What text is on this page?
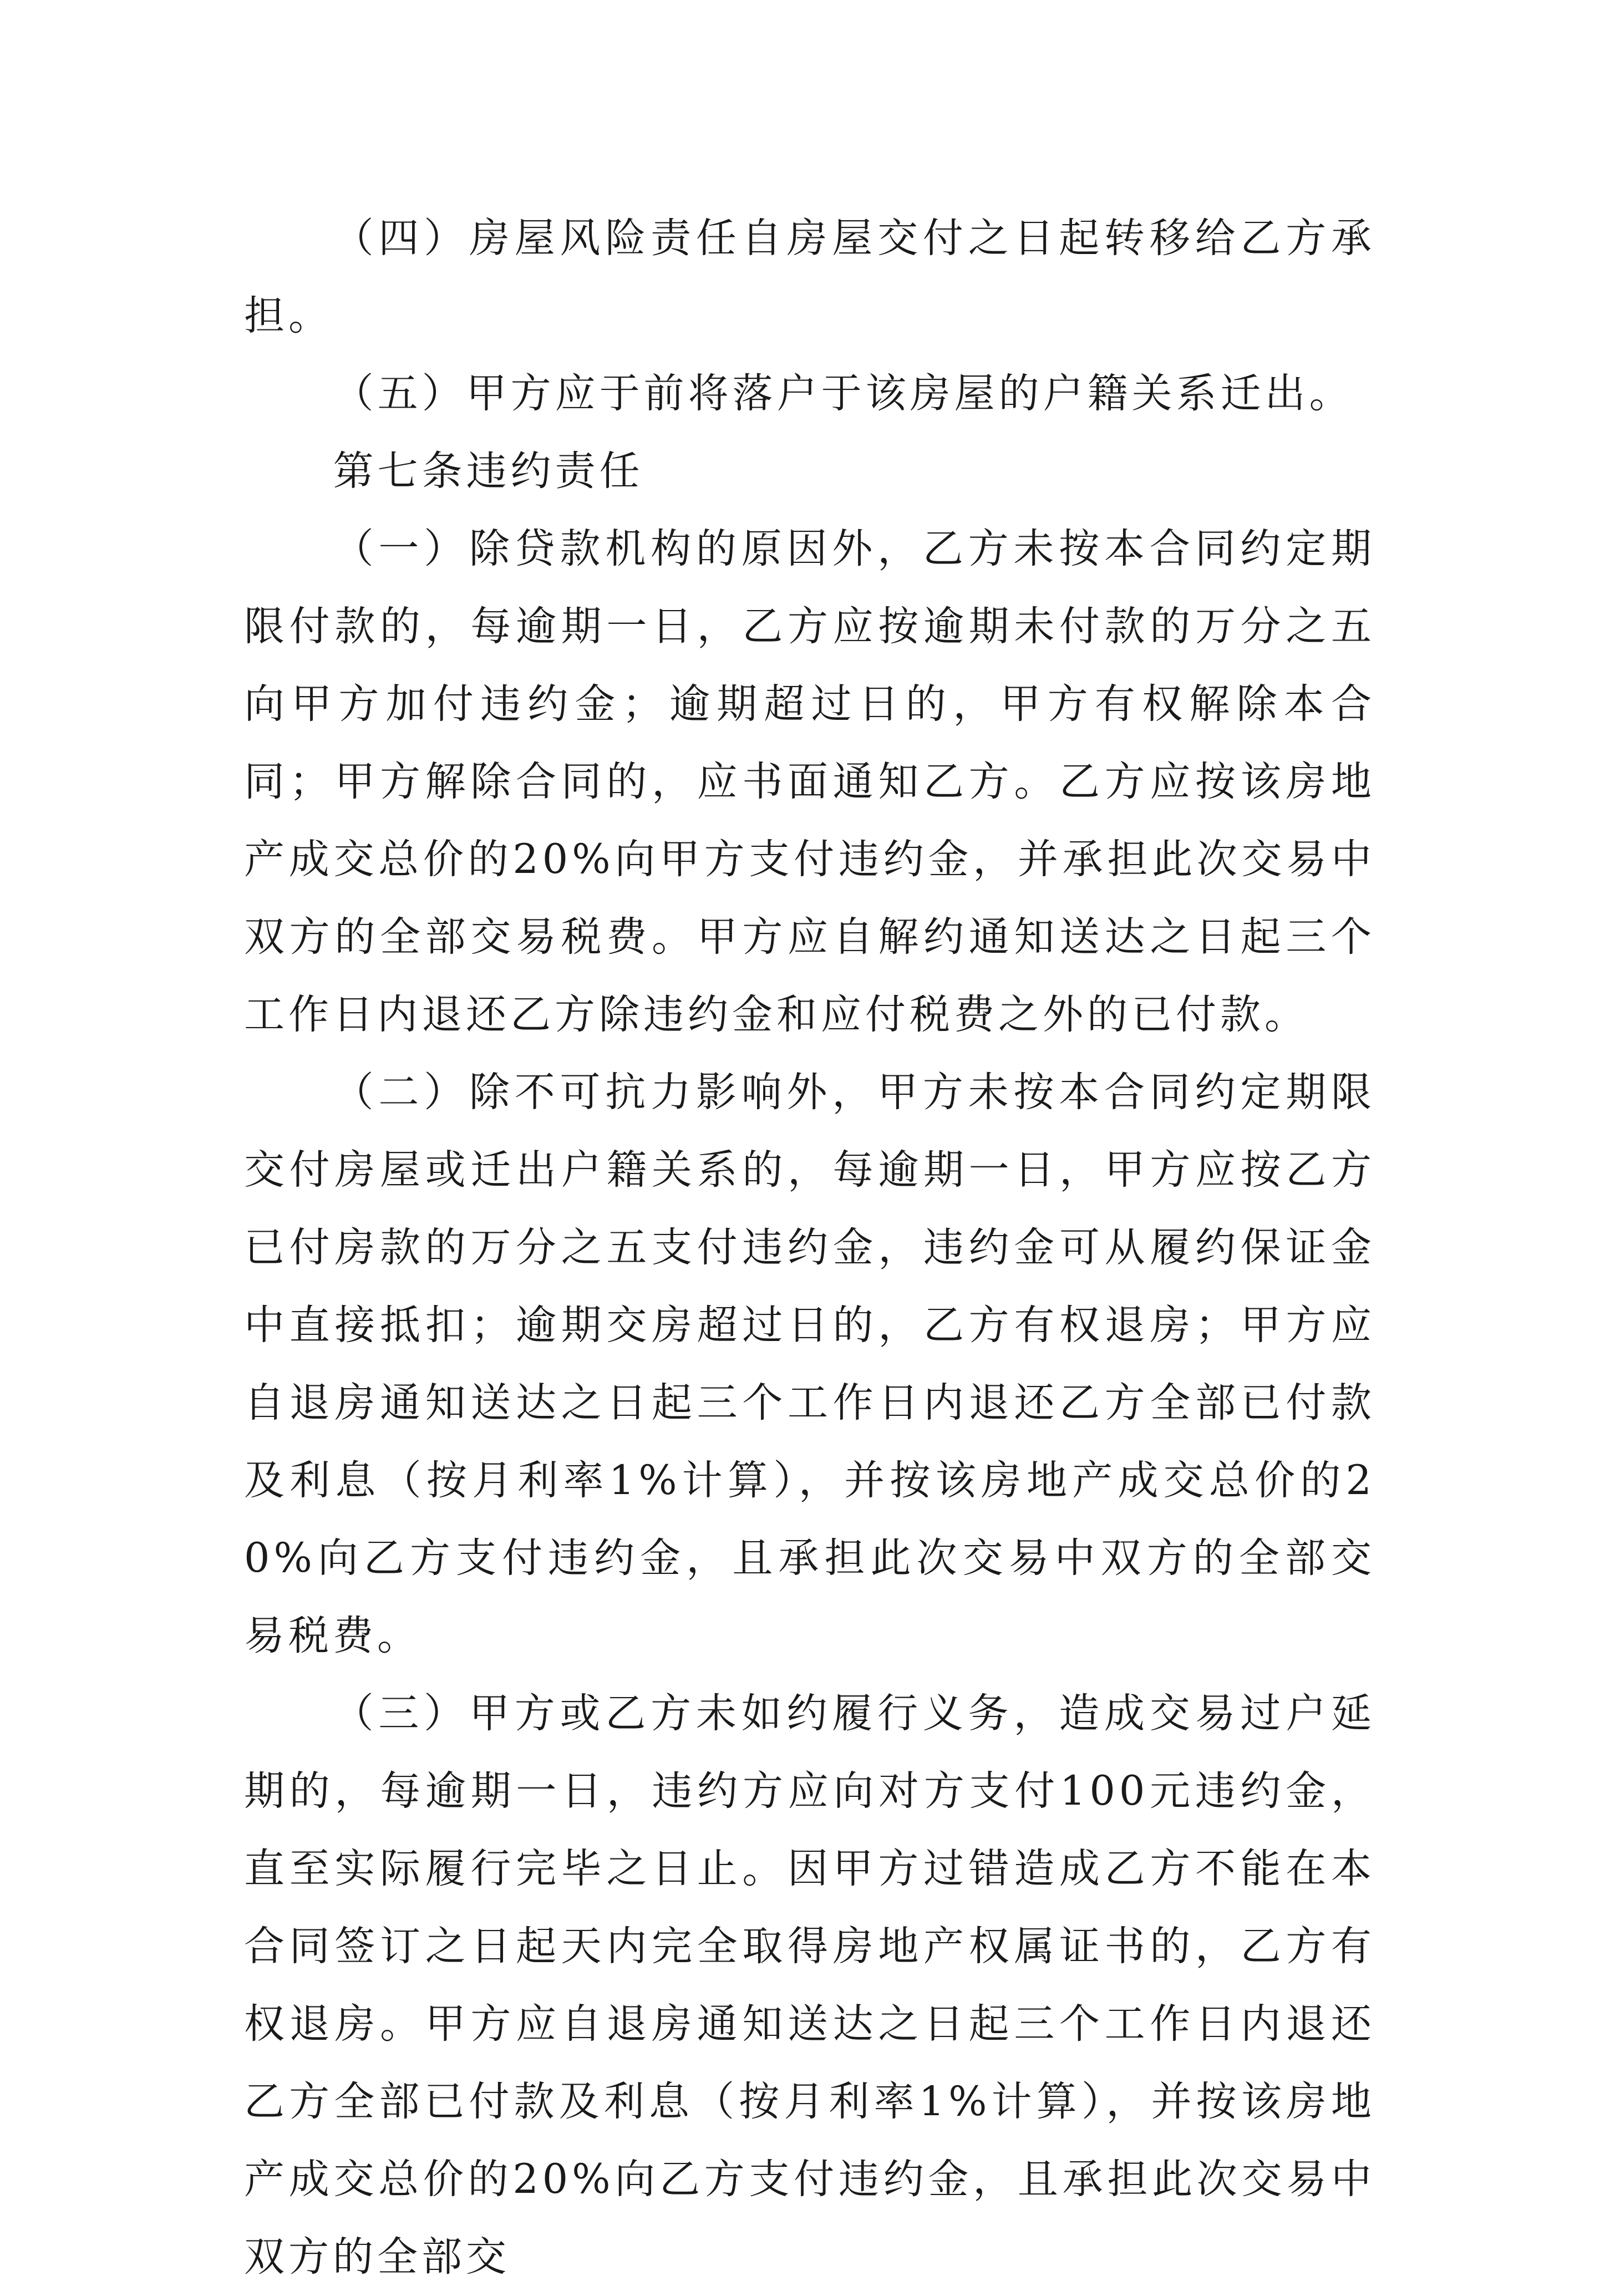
（四）房屋风险责任自房屋交付之日起转移给乙方承担。

（五）甲方应于前将落户于该房屋的户籍关系迁出。

第七条违约责任

（一）除贷款机构的原因外，乙方未按本合同约定期限付款的，每逾期一日，乙方应按逾期未付款的万分之五向甲方加付违约金；逾期超过日的，甲方有权解除本合同；甲方解除合同的，应书面通知乙方。乙方应按该房地产成交总价的20%向甲方支付违约金，并承担此次交易中双方的全部交易税费。甲方应自解约通知送达之日起三个工作日内退还乙方除违约金和应付税费之外的已付款。

（二）除不可抗力影响外，甲方未按本合同约定期限交付房屋或迁出户籍关系的，每逾期一日，甲方应按乙方已付房款的万分之五支付违约金，违约金可从履约保证金中直接抵扣；逾期交房超过日的，乙方有权退房；甲方应自退房通知送达之日起三个工作日内退还乙方全部已付款及利息（按月利率1%计算），并按该房地产成交总价的20%向乙方支付违约金，且承担此次交易中双方的全部交易税费。

（三）甲方或乙方未如约履行义务，造成交易过户延期的，每逾期一日，违约方应向对方支付100元违约金，直至实际履行完毕之日止。因甲方过错造成乙方不能在本合同签订之日起天内完全取得房地产权属证书的，乙方有权退房。甲方应自退房通知送达之日起三个工作日内退还乙方全部已付款及利息（按月利率1%计算），并按该房地产成交总价的20%向乙方支付违约金，且承担此次交易中双方的全部交
